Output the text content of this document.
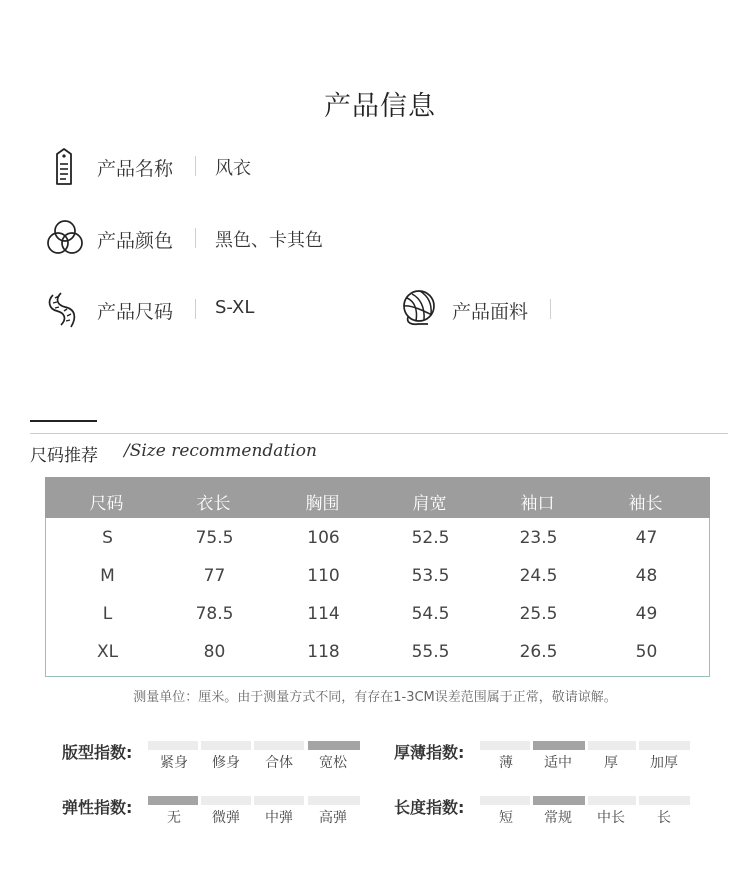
产品信息
产品名称 风衣
产品颜色 黑色、卡其色
产品尺码 S-XL	产品面料
尺码推荐 /Size recommendation
尺码	衣长	胸围	肩宽	袖口	袖长
S	75.5	106	52.5	23.5	47
M	77	110	53.5	24.5	48
L	78.5	114	54.5	25.5	49
XL	80	118	55.5	26.5	50
测量单位：厘米。由于测量方式不同，有存在1-3CM误差范围属于正常，敬请谅解。
版型指数:
紧身	修身	合体	宽松
厚薄指数:
薄	适中	厚	加厚
弹性指数:
无	微弹	中弹	高弹
长度指数:
短	常规	中长	长
